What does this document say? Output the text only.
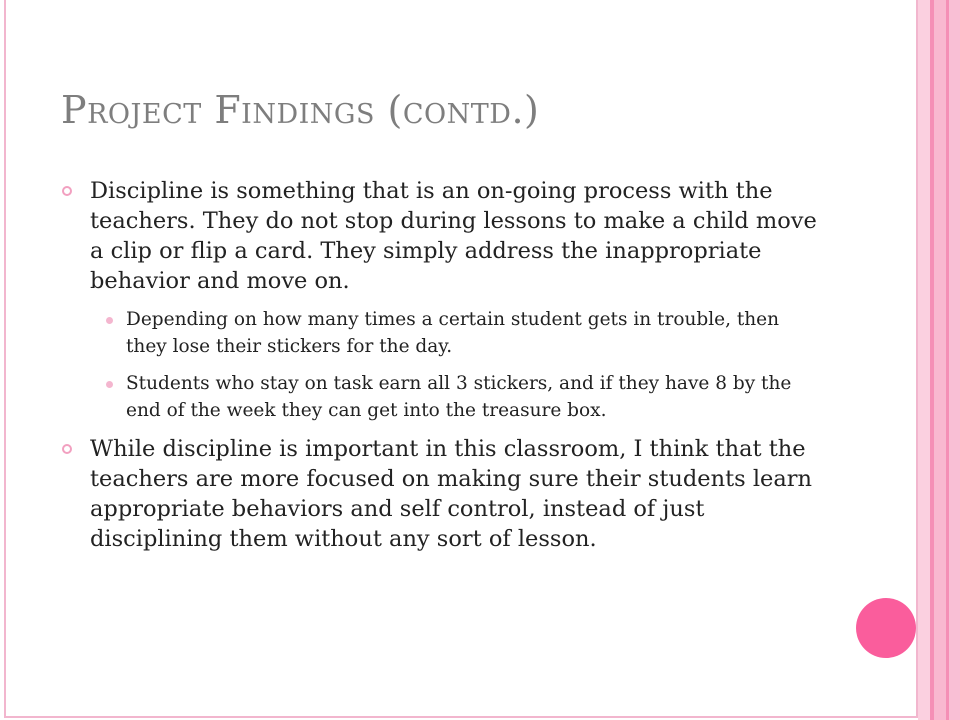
Project Findings (contd.)
Discipline is something that is an on-going process with the teachers. They do not stop during lessons to make a child move a clip or flip a card. They simply address the inappropriate behavior and move on.
Depending on how many times a certain student gets in trouble, then they lose their stickers for the day.
Students who stay on task earn all 3 stickers, and if they have 8 by the end of the week they can get into the treasure box.
While discipline is important in this classroom, I think that the teachers are more focused on making sure their students learn appropriate behaviors and self control, instead of just disciplining them without any sort of lesson.
